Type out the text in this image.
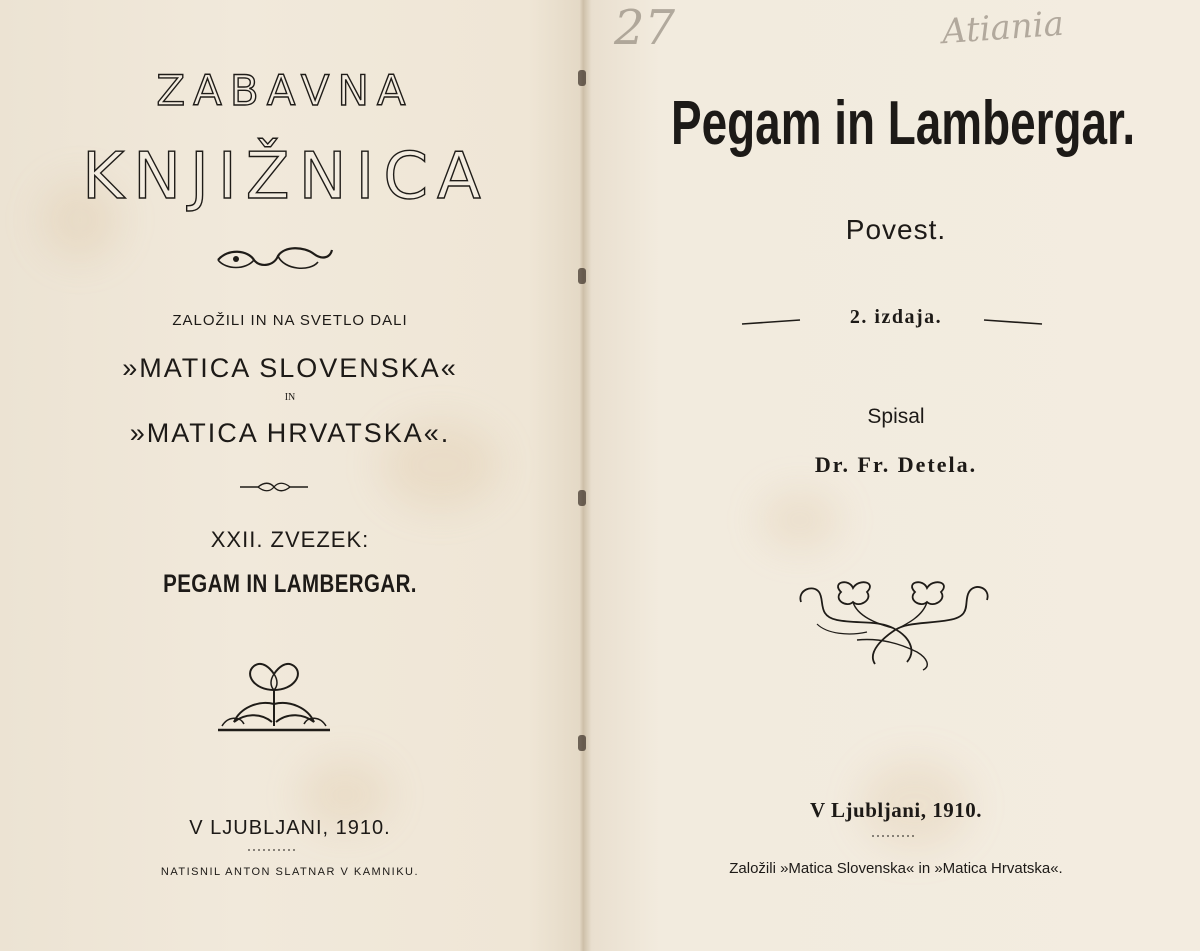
ZABAVNA
KNJIŽNICA
ZALOŽILI IN NA SVETLO DALI
»MATICA SLOVENSKA«
IN
»MATICA HRVATSKA«.
XXII. ZVEZEK:
PEGAM IN LAMBERGAR.
V LJUBLJANI, 1910.
NATISNIL ANTON SLATNAR V KAMNIKU.
27	Atiania
Pegam in Lambergar.
Povest.
2. izdaja.
Spisal
Dr. Fr. Detela.
V Ljubljani, 1910.
Založili »Matica Slovenska« in »Matica Hrvatska«.
